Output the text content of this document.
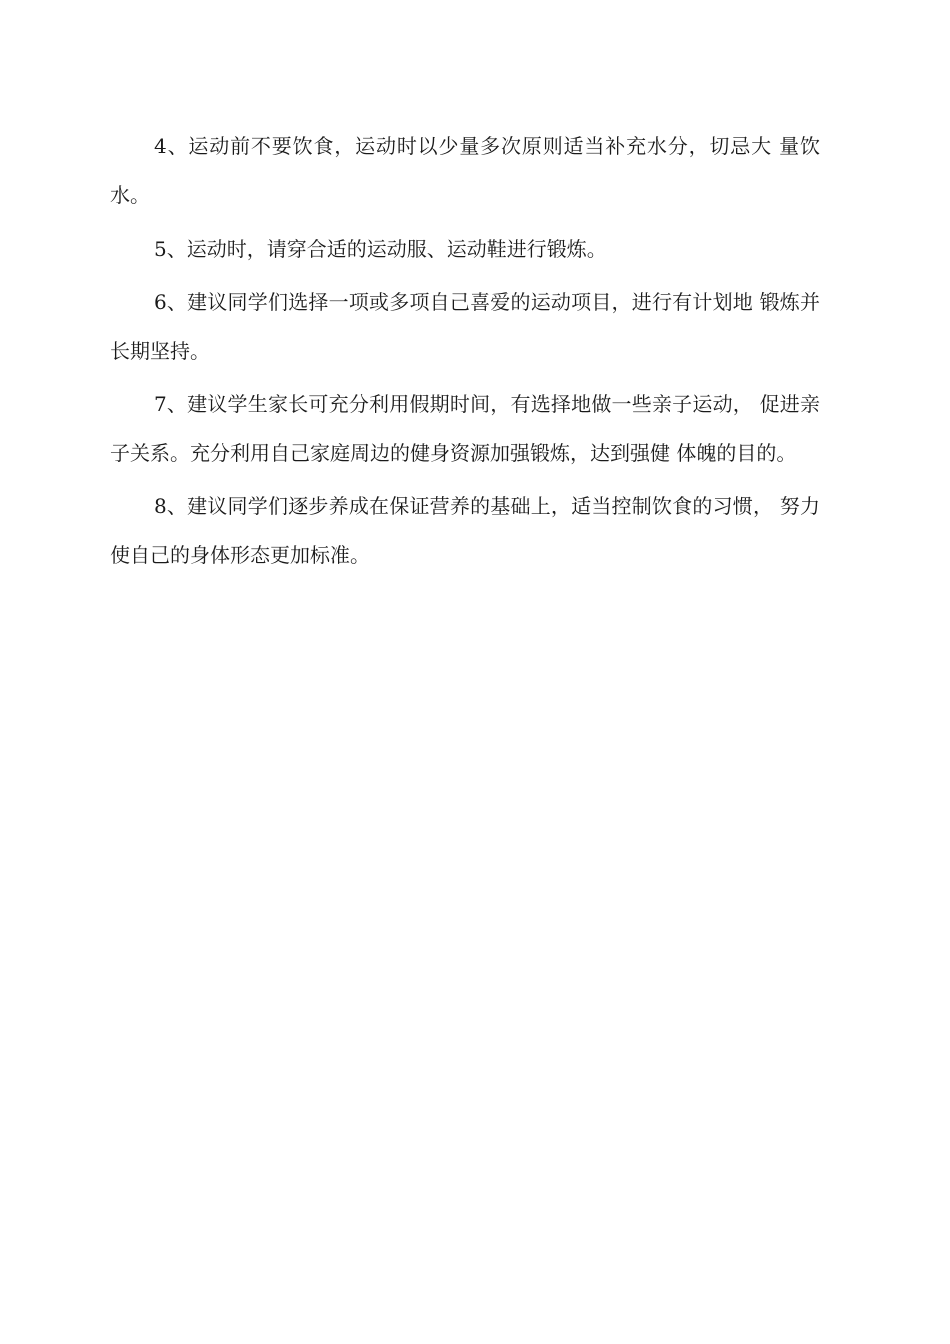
4、运动前不要饮食，运动时以少量多次原则适当补充水分，切忌大 量饮水。

5、运动时，请穿合适的运动服、运动鞋进行锻炼。

6、建议同学们选择一项或多项自己喜爱的运动项目，进行有计划地 锻炼并长期坚持。

7、建议学生家长可充分利用假期时间，有选择地做一些亲子运动， 促进亲子关系。充分利用自己家庭周边的健身资源加强锻炼，达到强健 体魄的目的。

8、建议同学们逐步养成在保证营养的基础上，适当控制饮食的习惯， 努力使自己的身体形态更加标准。
